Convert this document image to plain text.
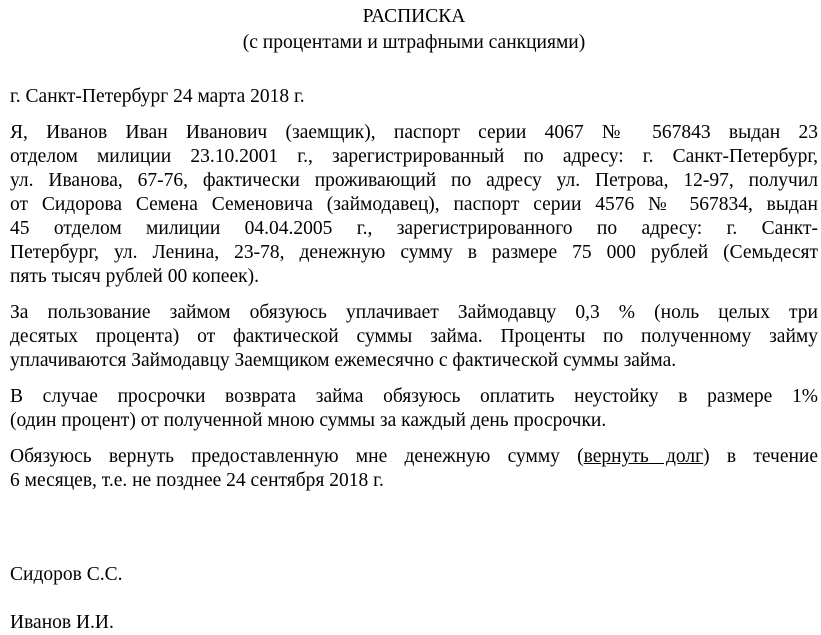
РАСПИСКА
(с процентами и штрафными санкциями)
г. Санкт-Петербург 24 марта 2018 г.
Я, Иванов Иван Иванович (заемщик), паспорт серии 4067 № 567843 выдан 23
отделом милиции 23.10.2001 г., зарегистрированный по адресу: г. Санкт-Петербург,
ул. Иванова, 67-76, фактически проживающий по адресу ул. Петрова, 12-97, получил
от Сидорова Семена Семеновича (займодавец), паспорт серии 4576 № 567834, выдан
45 отделом милиции 04.04.2005 г., зарегистрированного по адресу: г. Санкт-
Петербург, ул. Ленина, 23-78, денежную сумму в размере 75 000 рублей (Семьдесят
пять тысяч рублей 00 копеек).
За пользование займом обязуюсь уплачивает Займодавцу 0,3 % (ноль целых три
десятых процента) от фактической суммы займа. Проценты по полученному займу
уплачиваются Займодавцу Заемщиком ежемесячно с фактической суммы займа.
В случае просрочки возврата займа обязуюсь оплатить неустойку в размере 1%
(один процент) от полученной мною суммы за каждый день просрочки.
Обязуюсь вернуть предоставленную мне денежную сумму (вернуть долг) в течение
6 месяцев, т.е. не позднее 24 сентября 2018 г.
Сидоров С.С.
Иванов И.И.
